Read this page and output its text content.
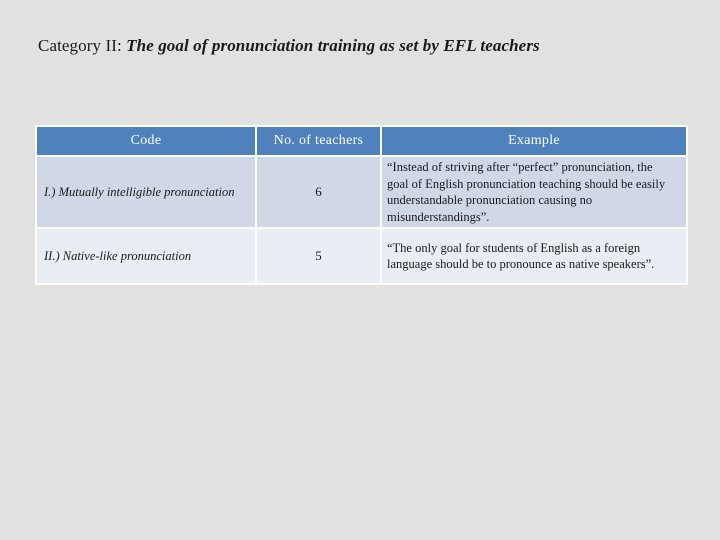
Category II: The goal of pronunciation training as set by EFL teachers
Code	No. of teachers	Example
I.) Mutually intelligible pronunciation	6	“Instead of striving after “perfect” pronunciation, the goal of English pronunciation teaching should be easily understandable pronunciation causing no misunderstandings”.
II.) Native-like pronunciation	5	“The only goal for students of English as a foreign language should be to pronounce as native speakers”.
